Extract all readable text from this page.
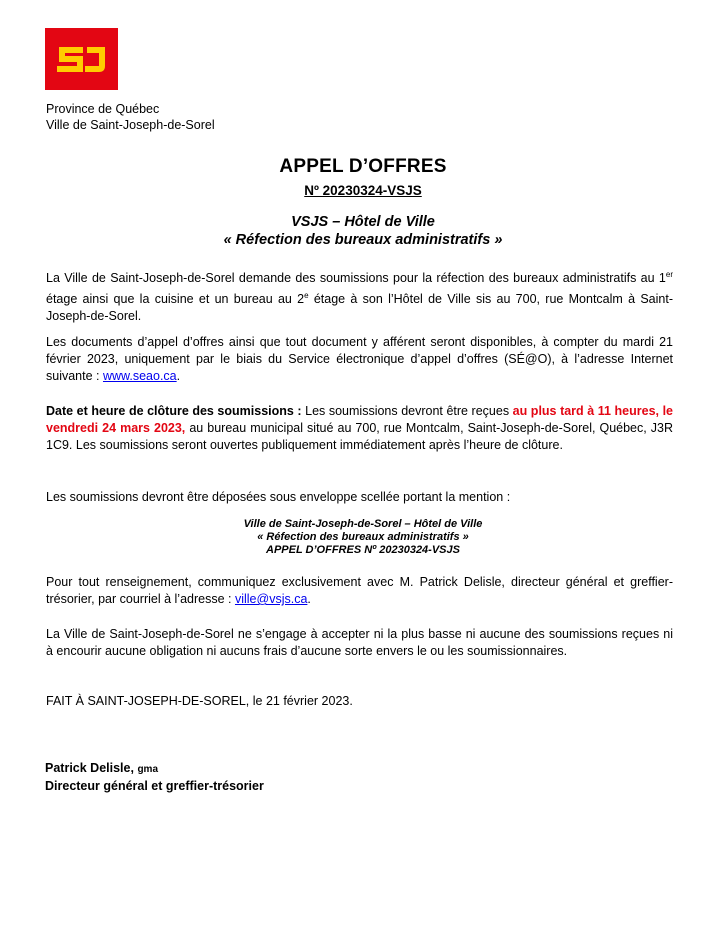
Province de Québec
Ville de Saint-Joseph-de-Sorel
APPEL D’OFFRES
Nº 20230324-VSJS
VSJS – Hôtel de Ville
« Réfection des bureaux administratifs »
La Ville de Saint-Joseph-de-Sorel demande des soumissions pour la réfection des bureaux administratifs au 1er étage ainsi que la cuisine et un bureau au 2e étage à son l’Hôtel de Ville sis au 700, rue Montcalm à Saint-Joseph-de-Sorel.
Les documents d’appel d’offres ainsi que tout document y afférent seront disponibles, à compter du mardi 21 février 2023, uniquement par le biais du Service électronique d’appel d’offres (SÉ@O), à l’adresse Internet suivante : www.seao.ca.
Date et heure de clôture des soumissions : Les soumissions devront être reçues au plus tard à 11 heures, le vendredi 24 mars 2023, au bureau municipal situé au 700, rue Montcalm, Saint-Joseph-de-Sorel, Québec, J3R 1C9. Les soumissions seront ouvertes publiquement immédiatement après l’heure de clôture.
Les soumissions devront être déposées sous enveloppe scellée portant la mention :
Ville de Saint-Joseph-de-Sorel – Hôtel de Ville
« Réfection des bureaux administratifs »
APPEL D’OFFRES Nº 20230324-VSJS
Pour tout renseignement, communiquez exclusivement avec M. Patrick Delisle, directeur général et greffier-trésorier, par courriel à l’adresse : ville@vsjs.ca.
La Ville de Saint-Joseph-de-Sorel ne s’engage à accepter ni la plus basse ni aucune des soumissions reçues ni à encourir aucune obligation ni aucuns frais d’aucune sorte envers le ou les soumissionnaires.
FAIT À SAINT-JOSEPH-DE-SOREL, le 21 février 2023.
Patrick Delisle, gma
Directeur général et greffier-trésorier
